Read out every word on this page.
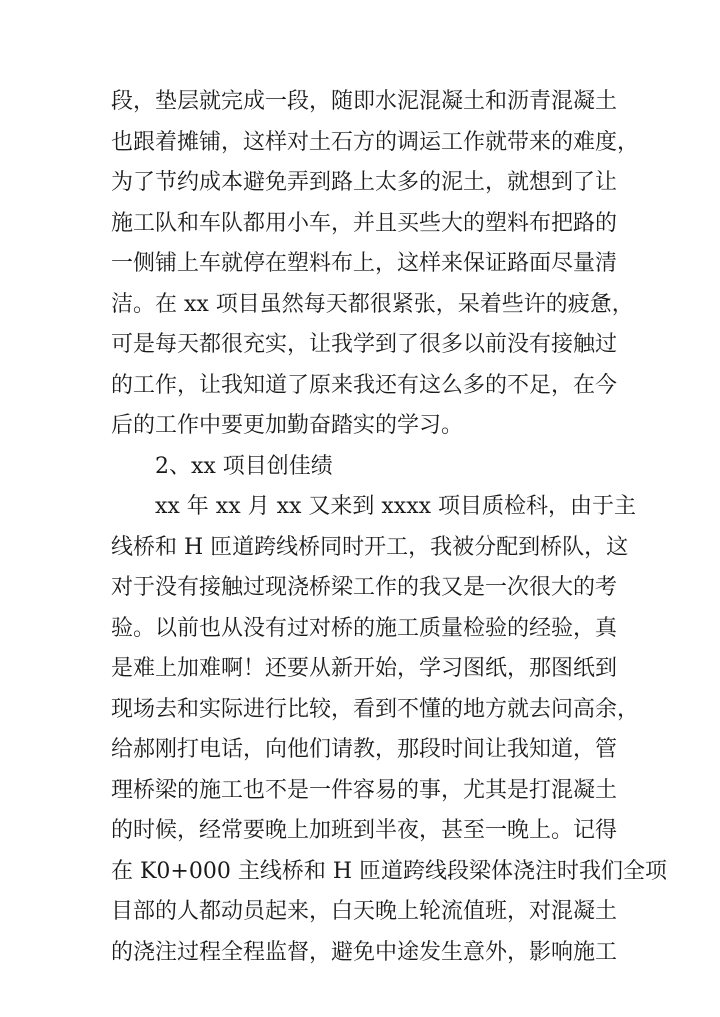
段，垫层就完成一段，随即水泥混凝土和沥青混凝土
也跟着摊铺，这样对土石方的调运工作就带来的难度，
为了节约成本避免弄到路上太多的泥土，就想到了让
施工队和车队都用小车，并且买些大的塑料布把路的
一侧铺上车就停在塑料布上，这样来保证路面尽量清
洁。在 xx 项目虽然每天都很紧张，呆着些许的疲惫，
可是每天都很充实，让我学到了很多以前没有接触过
的工作，让我知道了原来我还有这么多的不足，在今
后的工作中要更加勤奋踏实的学习。
2、xx 项目创佳绩
xx 年 xx 月 xx 又来到 xxxx 项目质检科，由于主
线桥和 H 匝道跨线桥同时开工，我被分配到桥队，这
对于没有接触过现浇桥梁工作的我又是一次很大的考
验。以前也从没有过对桥的施工质量检验的经验，真
是难上加难啊！还要从新开始，学习图纸，那图纸到
现场去和实际进行比较，看到不懂的地方就去问高余，
给郝刚打电话，向他们请教，那段时间让我知道，管
理桥梁的施工也不是一件容易的事，尤其是打混凝土
的时候，经常要晚上加班到半夜，甚至一晚上。记得
在 K0+000 主线桥和 H 匝道跨线段梁体浇注时我们全项
目部的人都动员起来，白天晚上轮流值班，对混凝土
的浇注过程全程监督，避免中途发生意外，影响施工
